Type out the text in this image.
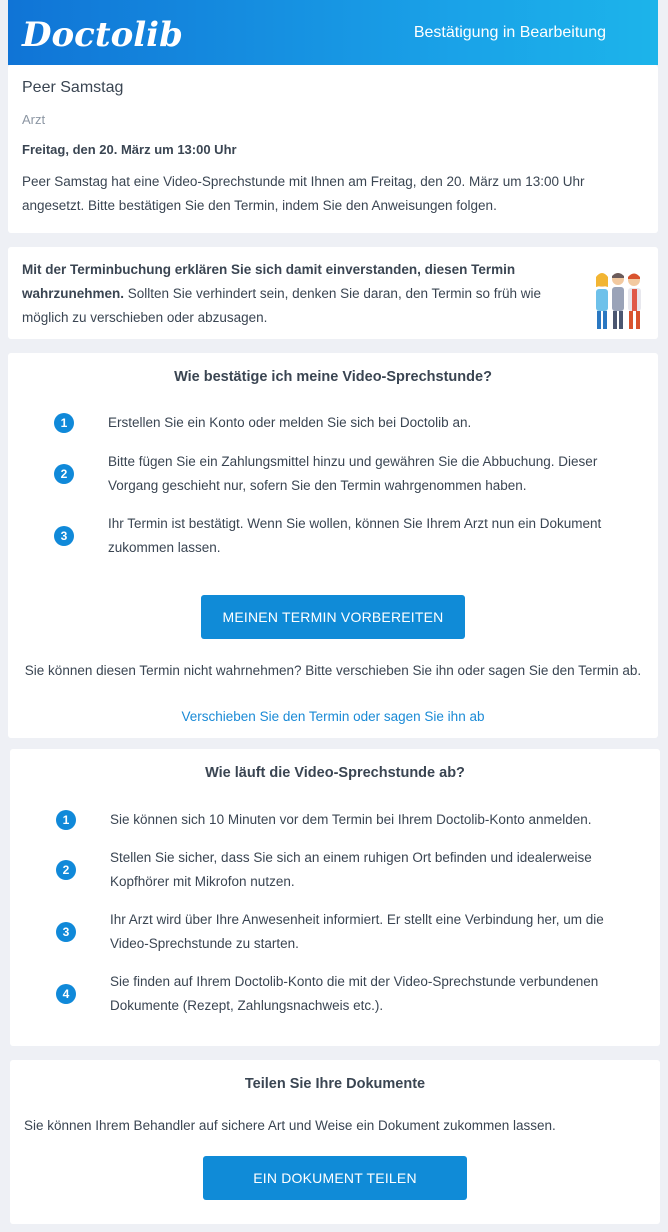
Doctolib	Bestätigung in Bearbeitung
Peer Samstag
Arzt
Freitag, den 20. März um 13:00 Uhr
Peer Samstag hat eine Video-Sprechstunde mit Ihnen am Freitag, den 20. März um 13:00 Uhr angesetzt. Bitte bestätigen Sie den Termin, indem Sie den Anweisungen folgen.
Mit der Terminbuchung erklären Sie sich damit einverstanden, diesen Termin wahrzunehmen. Sollten Sie verhindert sein, denken Sie daran, den Termin so früh wie möglich zu verschieben oder abzusagen.
Wie bestätige ich meine Video-Sprechstunde?
1	Erstellen Sie ein Konto oder melden Sie sich bei Doctolib an.
2
Bitte fügen Sie ein Zahlungsmittel hinzu und gewähren Sie die Abbuchung. Dieser Vorgang geschieht nur, sofern Sie den Termin wahrgenommen haben.
3
Ihr Termin ist bestätigt. Wenn Sie wollen, können Sie Ihrem Arzt nun ein Dokument zukommen lassen.
MEINEN TERMIN VORBEREITEN
Sie können diesen Termin nicht wahrnehmen? Bitte verschieben Sie ihn oder sagen Sie den Termin ab.
Verschieben Sie den Termin oder sagen Sie ihn ab
Wie läuft die Video-Sprechstunde ab?
1	Sie können sich 10 Minuten vor dem Termin bei Ihrem Doctolib-Konto anmelden.
2
Stellen Sie sicher, dass Sie sich an einem ruhigen Ort befinden und idealerweise Kopfhörer mit Mikrofon nutzen.
3
Ihr Arzt wird über Ihre Anwesenheit informiert. Er stellt eine Verbindung her, um die Video-Sprechstunde zu starten.
4
Sie finden auf Ihrem Doctolib-Konto die mit der Video-Sprechstunde verbundenen Dokumente (Rezept, Zahlungsnachweis etc.).
Teilen Sie Ihre Dokumente
Sie können Ihrem Behandler auf sichere Art und Weise ein Dokument zukommen lassen.
EIN DOKUMENT TEILEN
